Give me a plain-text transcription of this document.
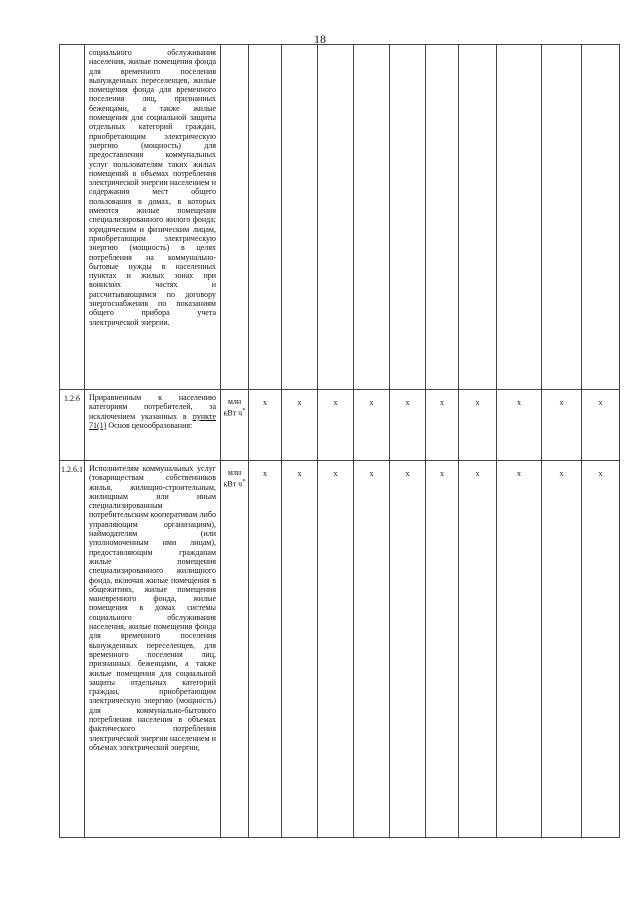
18
	социального обслуживания населения, жилые помещения фонда для временного поселения вынужденных переселенцев, жилые помещения фонда для временного поселения лиц, признанных беженцами, а также жилые помещения для социальной защиты отдельных категорий граждан, приобретающим электрическую энергию (мощность) для предоставления коммунальных услуг пользователям таких жилых помещений в объемах потребления электрической энергии населением и содержания мест общего пользования в домах, в которых имеются жилые помещения специализированного жилого фонда; юридическим и физическим лицам, приобретающим электрическую энергию (мощность) в целях потребления на коммунально-бытовые нужды в населенных пунктах и жилых зонах при воинских частях и рассчитывающимся по договору энергоснабжения по показаниям общего прибора учета электрической энергии.											
1.2.6	Приравненным к населению категориям потребителей, за исключением указанных в пункте 71(1) Основ ценообразования:	млн кВт ч*	x	x	x	x	x	x	x	x	x	x
1.2.6.1	Исполнителям коммунальных услуг (товариществам собственников жилья, жилищно-строительным, жилищным или иным специализированным потребительским кооперативам либо управляющим организациям), наймодателям (или уполномоченным ими лицам), предоставляющим гражданам жилые помещения специализированного жилищного фонда, включая жилые помещения в общежитиях, жилые помещения маневренного фонда, жилые помещения в домах системы социального обслуживания населения, жилые помещения фонда для временного поселения вынужденных переселенцев, для временного поселения лиц, признанных беженцами, а также жилые помещения для социальной защиты отдельных категорий граждан, приобретающим электрическую энергию (мощность) для коммунально-бытового потребления населения в объемах фактического потребления электрической энергии населением и объемах электрической энергии,	млн кВт ч*	x	x	x	x	x	x	x	x	x	x
